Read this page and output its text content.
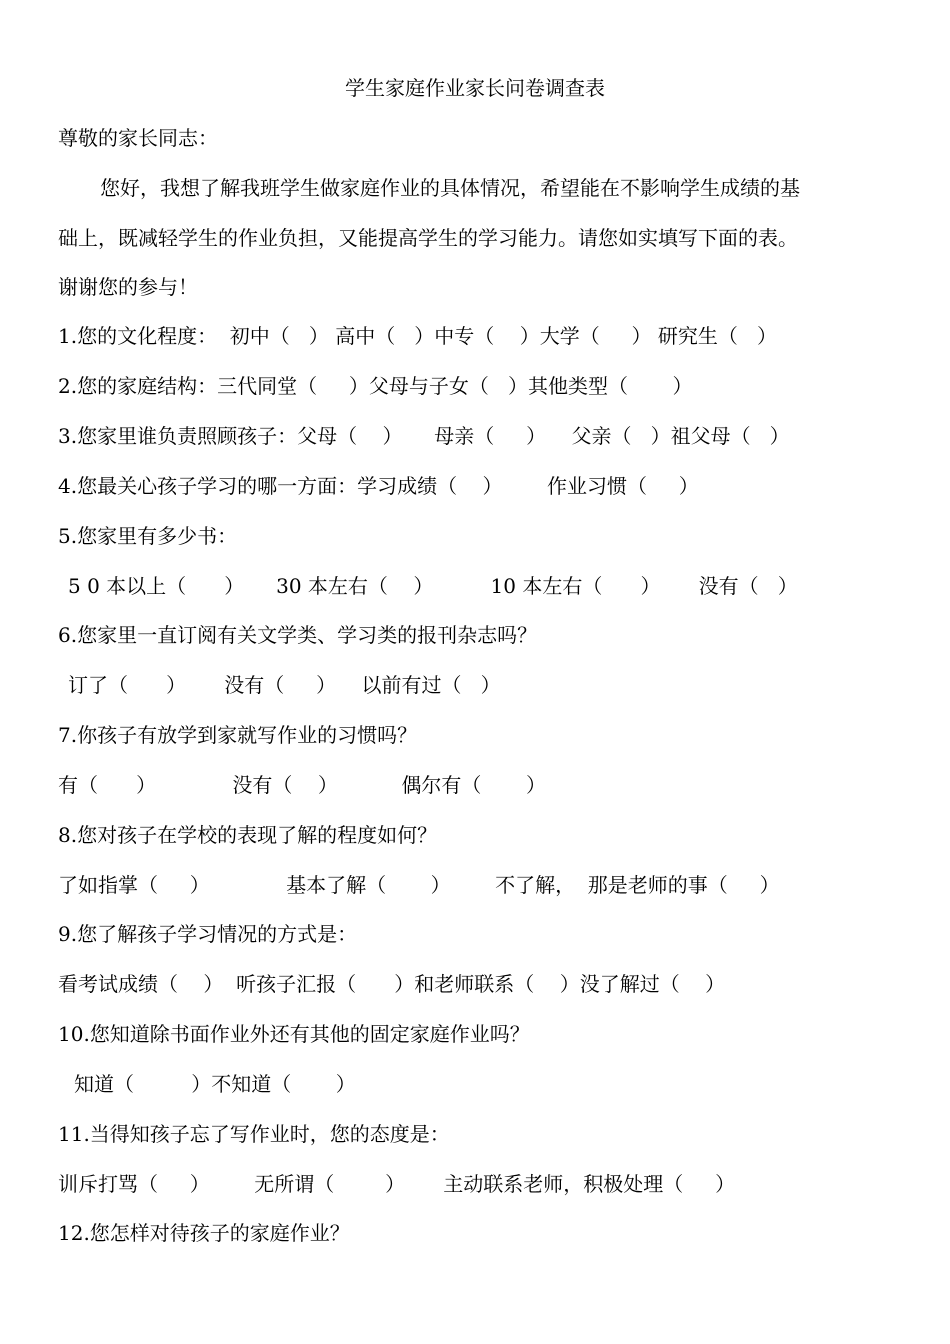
学生家庭作业家长问卷调查表
尊敬的家长同志：
您好，我想了解我班学生做家庭作业的具体情况，希望能在不影响学生成绩的基
础上，既减轻学生的作业负担，又能提高学生的学习能力。请您如实填写下面的表。
谢谢您的参与！
1.您的文化程度：  初中（   ） 高中（   ）中专（    ）大学（     ） 研究生（   ）
2.您的家庭结构：三代同堂（     ）父母与子女（   ）其他类型（       ）
3.您家里谁负责照顾孩子：父母（    ）     母亲（     ）    父亲（   ）祖父母（   ）
4.您最关心孩子学习的哪一方面：学习成绩（    ）       作业习惯（     ）
5.您家里有多少书：
5 0 本以上（      ）     30 本左右（    ）         10 本左右（      ）      没有（   ）
6.您家里一直订阅有关文学类、学习类的报刊杂志吗？
订了（      ）      没有（     ）    以前有过（   ）
7.你孩子有放学到家就写作业的习惯吗？
有（      ）            没有（    ）          偶尔有（       ）
8.您对孩子在学校的表现了解的程度如何？
了如指掌（     ）            基本了解（       ）       不了解，  那是老师的事（     ）
9.您了解孩子学习情况的方式是：
看考试成绩（    ）  听孩子汇报（      ）和老师联系（    ）没了解过（    ）
10.您知道除书面作业外还有其他的固定家庭作业吗？
知道（         ）不知道（       ）
11.当得知孩子忘了写作业时，您的态度是：
训斥打骂（     ）       无所谓（        ）      主动联系老师，积极处理（     ）
12.您怎样对待孩子的家庭作业？
